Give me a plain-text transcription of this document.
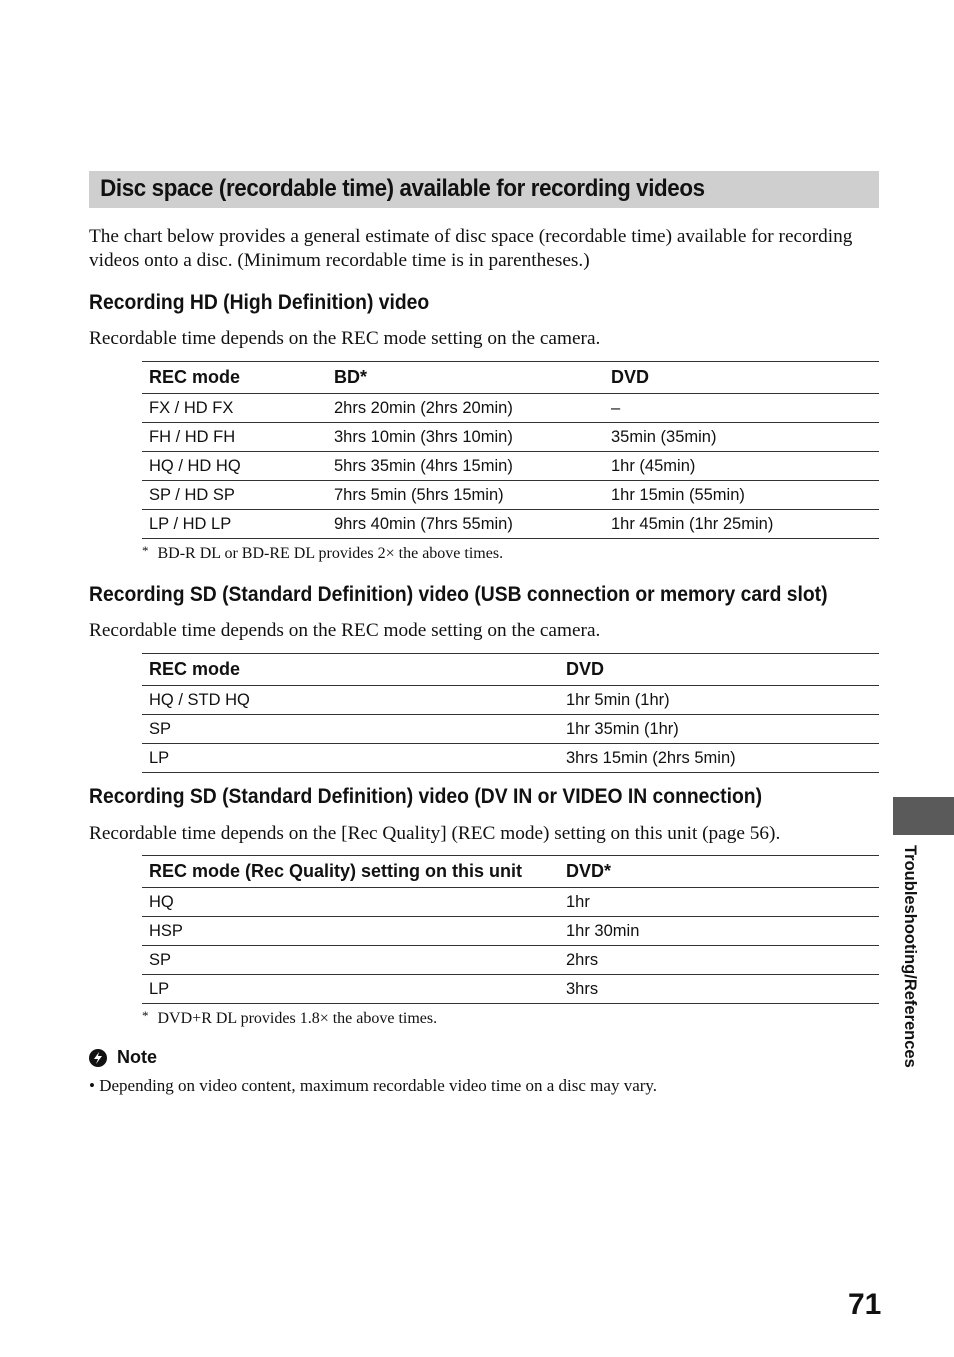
Disc space (recordable time) available for recording videos

The chart below provides a general estimate of disc space (recordable time) available for recording videos onto a disc. (Minimum recordable time is in parentheses.)

Recording HD (High Definition) video

Recordable time depends on the REC mode setting on the camera.

REC mode	BD*	DVD
FX / HD FX	2hrs 20min (2hrs 20min)	–
FH / HD FH	3hrs 10min (3hrs 10min)	35min (35min)
HQ / HD HQ	5hrs 35min (4hrs 15min)	1hr (45min)
SP / HD SP	7hrs 5min (5hrs 15min)	1hr 15min (55min)
LP / HD LP	9hrs 40min (7hrs 55min)	1hr 45min (1hr 25min)
* BD-R DL or BD-RE DL provides 2× the above times.
Recording SD (Standard Definition) video (USB connection or memory card slot)

Recordable time depends on the REC mode setting on the camera.

REC mode	DVD
HQ / STD HQ	1hr 5min (1hr)
SP	1hr 35min (1hr)
LP	3hrs 15min (2hrs 5min)
Recording SD (Standard Definition) video (DV IN or VIDEO IN connection)

Recordable time depends on the [Rec Quality] (REC mode) setting on this unit (page 56).

REC mode (Rec Quality) setting on this unit	DVD*
HQ	1hr
HSP	1hr 30min
SP	2hrs
LP	3hrs
* DVD+R DL provides 1.8× the above times.
Note
• Depending on video content, maximum recordable video time on a disc may vary.
Troubleshooting/References
71
